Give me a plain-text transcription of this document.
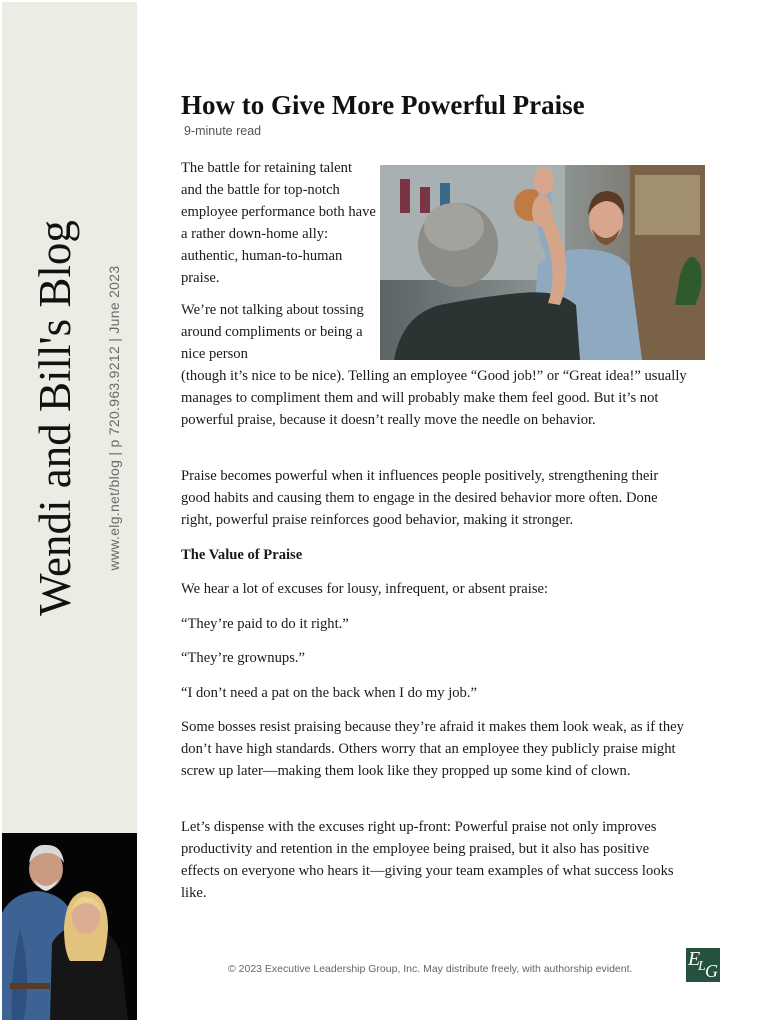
Wendi and Bill's Blog www.elg.net/blog | p 720.963.9212 | June 2023
How to Give More Powerful Praise
9-minute read

The battle for retaining talent and the battle for top-notch employee performance both have a rather down-home ally: authentic, human-to-human praise.

We’re not talking about tossing around compliments or being a nice person

(though it’s nice to be nice). Telling an employee “Good job!” or “Great idea!” usually manages to compliment them and will probably make them feel good. But it’s not powerful praise, because it doesn’t really move the needle on behavior.

Praise becomes powerful when it influences people positively, strengthening their good habits and causing them to engage in the desired behavior more often. Done right, powerful praise reinforces good behavior, making it stronger.

The Value of Praise

We hear a lot of excuses for lousy, infrequent, or absent praise:

“They’re paid to do it right.”

“They’re grownups.”

“I don’t need a pat on the back when I do my job.”

Some bosses resist praising because they’re afraid it makes them look weak, as if they don’t have high standards. Others worry that an employee they publicly praise might screw up later—making them look like they propped up some kind of clown.

Let’s dispense with the excuses right up-front: Powerful praise not only improves productivity and retention in the employee being praised, but it also has positive effects on everyone who hears it—giving your team examples of what success looks like.

© 2023 Executive Leadership Group, Inc. May distribute freely, with authorship evident.	E
L G
